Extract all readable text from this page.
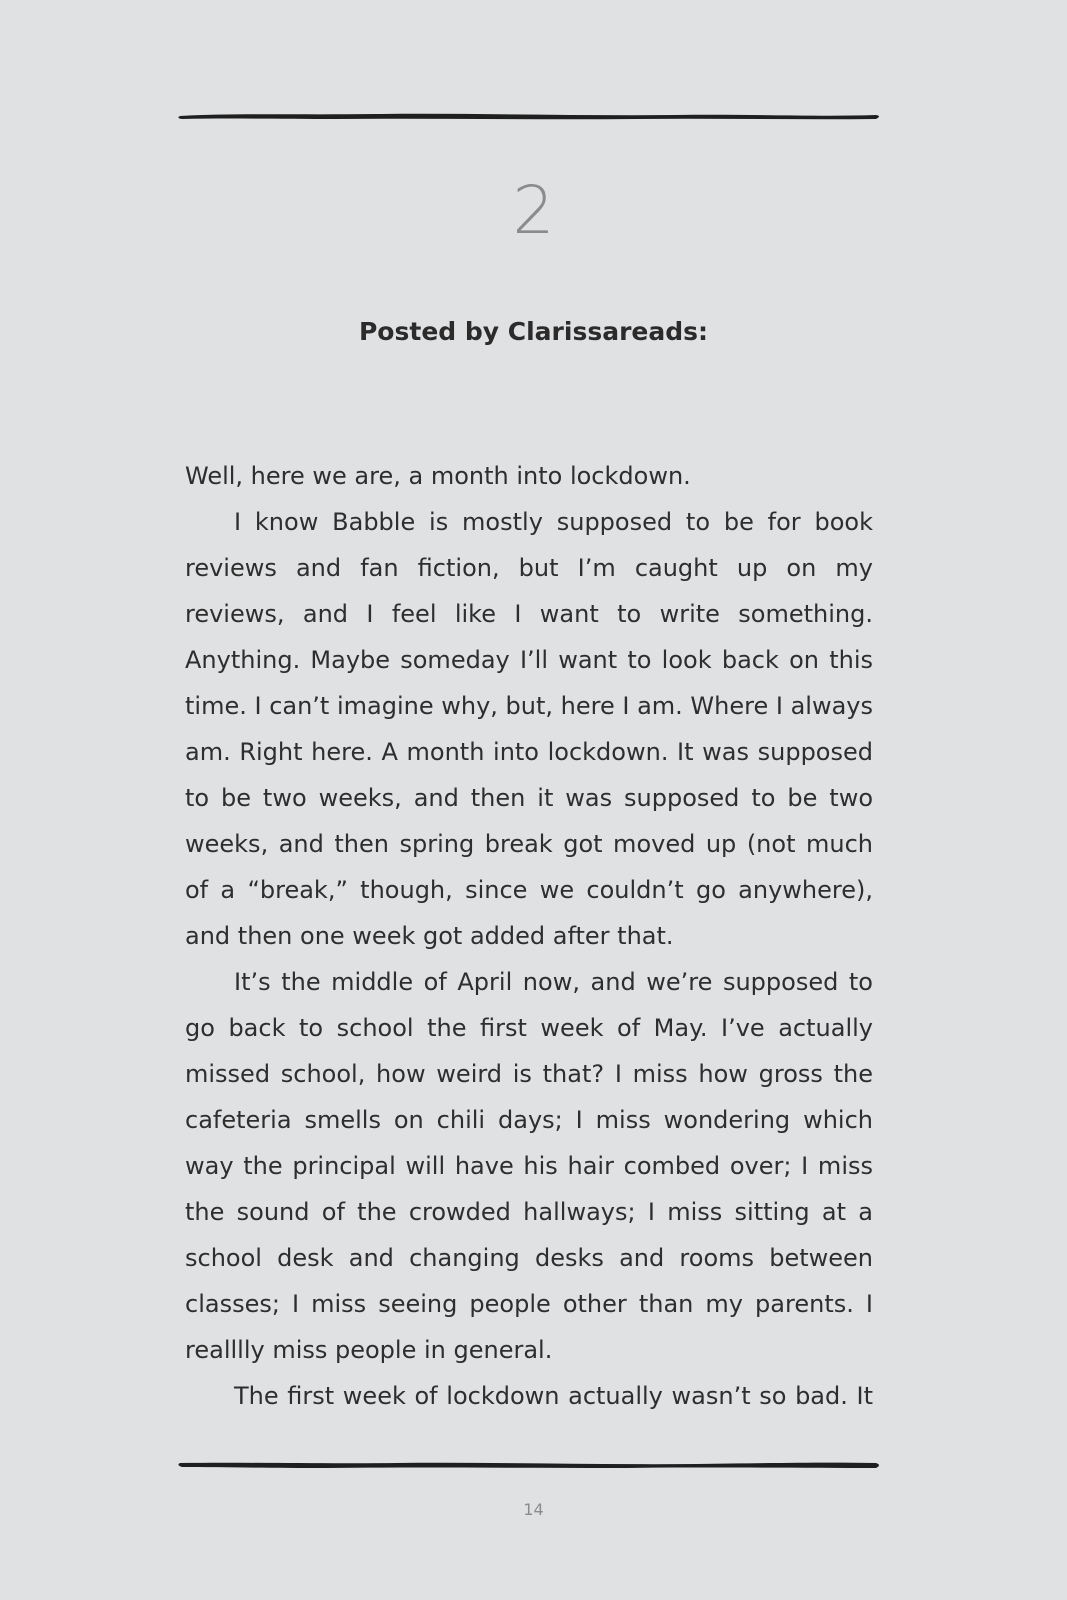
2
Posted by Clarissareads:

Well, here we are, a month into lockdown.

I know Babble is mostly supposed to be for book reviews and fan fiction, but I’m caught up on my reviews, and I feel like I want to write something. Anything. Maybe someday I’ll want to look back on this time. I can’t imagine why, but, here I am. Where I always am. Right here. A month into lockdown. It was supposed to be two weeks, and then it was supposed to be two weeks, and then spring break got moved up (not much of a “break,” though, since we couldn’t go anywhere), and then one week got added after that.

It’s the middle of April now, and we’re supposed to go back to school the first week of May. I’ve actually missed school, how weird is that? I miss how gross the cafeteria smells on chili days; I miss wondering which way the principal will have his hair combed over; I miss the sound of the crowded hallways; I miss sitting at a school desk and changing desks and rooms between classes; I miss seeing people other than my parents. I realllly miss people in general.

The first week of lockdown actually wasn’t so bad. It

14
